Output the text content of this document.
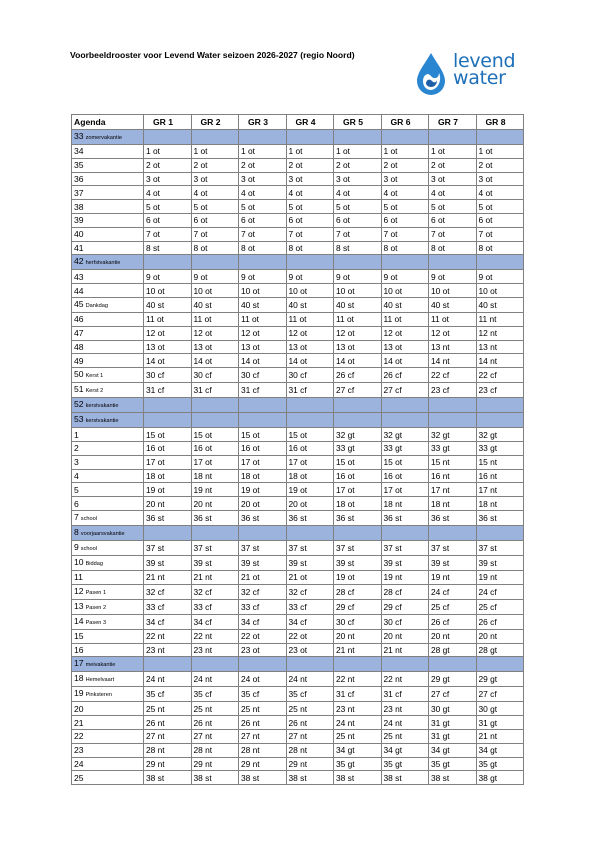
Voorbeeldrooster voor Levend Water seizoen 2026-2027 (regio Noord)	levend
water
Agenda	GR 1	GR 2	GR 3	GR 4	GR 5	GR 6	GR 7	GR 8
33 zomervakantie								
34	1 ot	1 ot	1 ot	1 ot	1 ot	1 ot	1 ot	1 ot
35	2 ot	2 ot	2 ot	2 ot	2 ot	2 ot	2 ot	2 ot
36	3 ot	3 ot	3 ot	3 ot	3 ot	3 ot	3 ot	3 ot
37	4 ot	4 ot	4 ot	4 ot	4 ot	4 ot	4 ot	4 ot
38	5 ot	5 ot	5 ot	5 ot	5 ot	5 ot	5 ot	5 ot
39	6 ot	6 ot	6 ot	6 ot	6 ot	6 ot	6 ot	6 ot
40	7 ot	7 ot	7 ot	7 ot	7 ot	7 ot	7 ot	7 ot
41	8 st	8 ot	8 ot	8 ot	8 st	8 ot	8 ot	8 ot
42 herfstvakantie								
43	9 ot	9 ot	9 ot	9 ot	9 ot	9 ot	9 ot	9 ot
44	10 ot	10 ot	10 ot	10 ot	10 ot	10 ot	10 ot	10 ot
45 Dankdag	40 st	40 st	40 st	40 st	40 st	40 st	40 st	40 st
46	11 ot	11 ot	11 ot	11 ot	11 ot	11 ot	11 ot	11 nt
47	12 ot	12 ot	12 ot	12 ot	12 ot	12 ot	12 ot	12 nt
48	13 ot	13 ot	13 ot	13 ot	13 ot	13 ot	13 nt	13 nt
49	14 ot	14 ot	14 ot	14 ot	14 ot	14 ot	14 nt	14 nt
50 Kerst 1	30 cf	30 cf	30 cf	30 cf	26 cf	26 cf	22 cf	22 cf
51 Kerst 2	31 cf	31 cf	31 cf	31 cf	27 cf	27 cf	23 cf	23 cf
52 kerstvakantie								
53 kerstvakantie								
1	15 ot	15 ot	15 ot	15 ot	32 gt	32 gt	32 gt	32 gt
2	16 ot	16 ot	16 ot	16 ot	33 gt	33 gt	33 gt	33 gt
3	17 ot	17 ot	17 ot	17 ot	15 ot	15 ot	15 nt	15 nt
4	18 ot	18 nt	18 ot	18 ot	16 ot	16 ot	16 nt	16 nt
5	19 ot	19 nt	19 ot	19 ot	17 ot	17 ot	17 nt	17 nt
6	20 nt	20 nt	20 ot	20 ot	18 ot	18 nt	18 nt	18 nt
7 school	36 st	36 st	36 st	36 st	36 st	36 st	36 st	36 st
8 voorjaarsvakantie								
9 school	37 st	37 st	37 st	37 st	37 st	37 st	37 st	37 st
10 Biddag	39 st	39 st	39 st	39 st	39 st	39 st	39 st	39 st
11	21 nt	21 nt	21 ot	21 ot	19 ot	19 nt	19 nt	19 nt
12 Pasen 1	32 cf	32 cf	32 cf	32 cf	28 cf	28 cf	24 cf	24 cf
13 Pasen 2	33 cf	33 cf	33 cf	33 cf	29 cf	29 cf	25 cf	25 cf
14 Pasen 3	34 cf	34 cf	34 cf	34 cf	30 cf	30 cf	26 cf	26 cf
15	22 nt	22 nt	22 ot	22 ot	20 nt	20 nt	20 nt	20 nt
16	23 nt	23 nt	23 ot	23 ot	21 nt	21 nt	28 gt	28 gt
17 meivakantie								
18 Hemelvaart	24 nt	24 nt	24 ot	24 nt	22 nt	22 nt	29 gt	29 gt
19 Pinksteren	35 cf	35 cf	35 cf	35 cf	31 cf	31 cf	27 cf	27 cf
20	25 nt	25 nt	25 nt	25 nt	23 nt	23 nt	30 gt	30 gt
21	26 nt	26 nt	26 nt	26 nt	24 nt	24 nt	31 gt	31 gt
22	27 nt	27 nt	27 nt	27 nt	25 nt	25 nt	31 gt	21 nt
23	28 nt	28 nt	28 nt	28 nt	34 gt	34 gt	34 gt	34 gt
24	29 nt	29 nt	29 nt	29 nt	35 gt	35 gt	35 gt	35 gt
25	38 st	38 st	38 st	38 st	38 st	38 st	38 st	38 gt
